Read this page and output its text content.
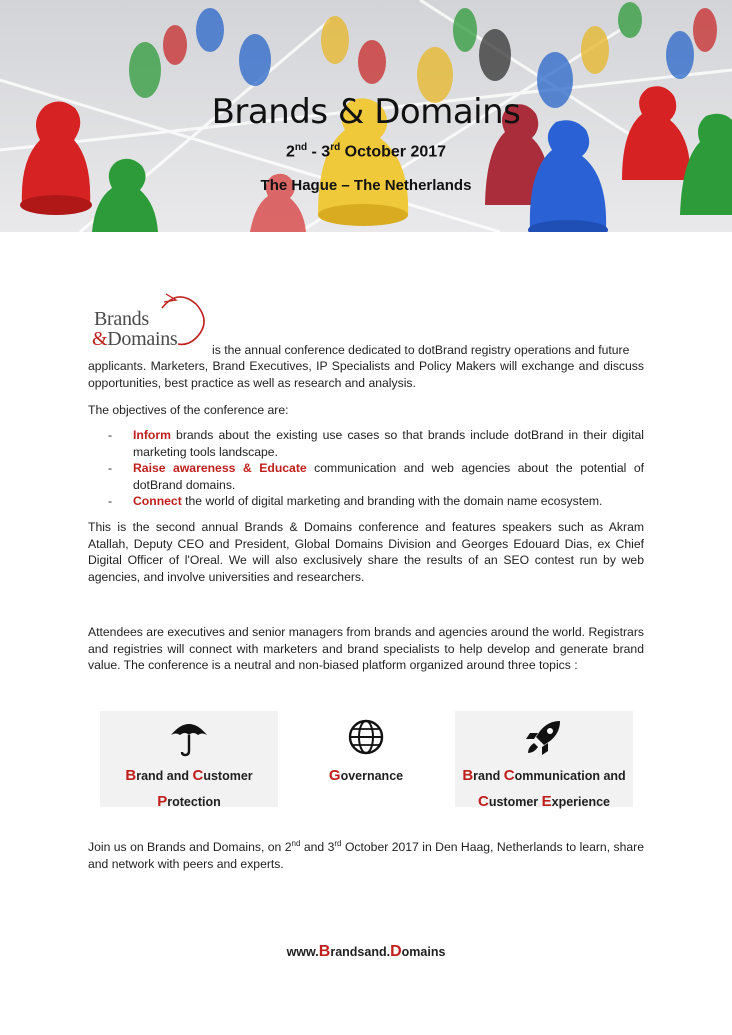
Brands & Domains
2nd - 3rd October 2017
The Hague – The Netherlands
Brands
&Domains	is the annual conference dedicated to dotBrand registry operations and future
applicants. Marketers, Brand Executives, IP Specialists and Policy Makers will exchange and discuss opportunities, best practice as well as research and analysis.
The objectives of the conference are:
- Inform brands about the existing use cases so that brands include dotBrand in their digital marketing tools landscape.
- Raise awareness & Educate communication and web agencies about the potential of dotBrand domains.
- Connect the world of digital marketing and branding with the domain name ecosystem.
This is the second annual Brands & Domains conference and features speakers such as Akram Atallah, Deputy CEO and President, Global Domains Division and Georges Edouard Dias, ex Chief Digital Officer of l'Oreal. We will also exclusively share the results of an SEO contest run by web agencies, and involve universities and researchers.
Attendees are executives and senior managers from brands and agencies around the world. Registrars and registries will connect with marketers and brand specialists to help develop and generate brand value. The conference is a neutral and non-biased platform organized around three topics :
Brand and Customer
Protection
Governance	Brand Communication and
Customer Experience
Join us on Brands and Domains, on 2nd and 3rd October 2017 in Den Haag, Netherlands to learn, share and network with peers and experts.
www.Brandsand.Domains
